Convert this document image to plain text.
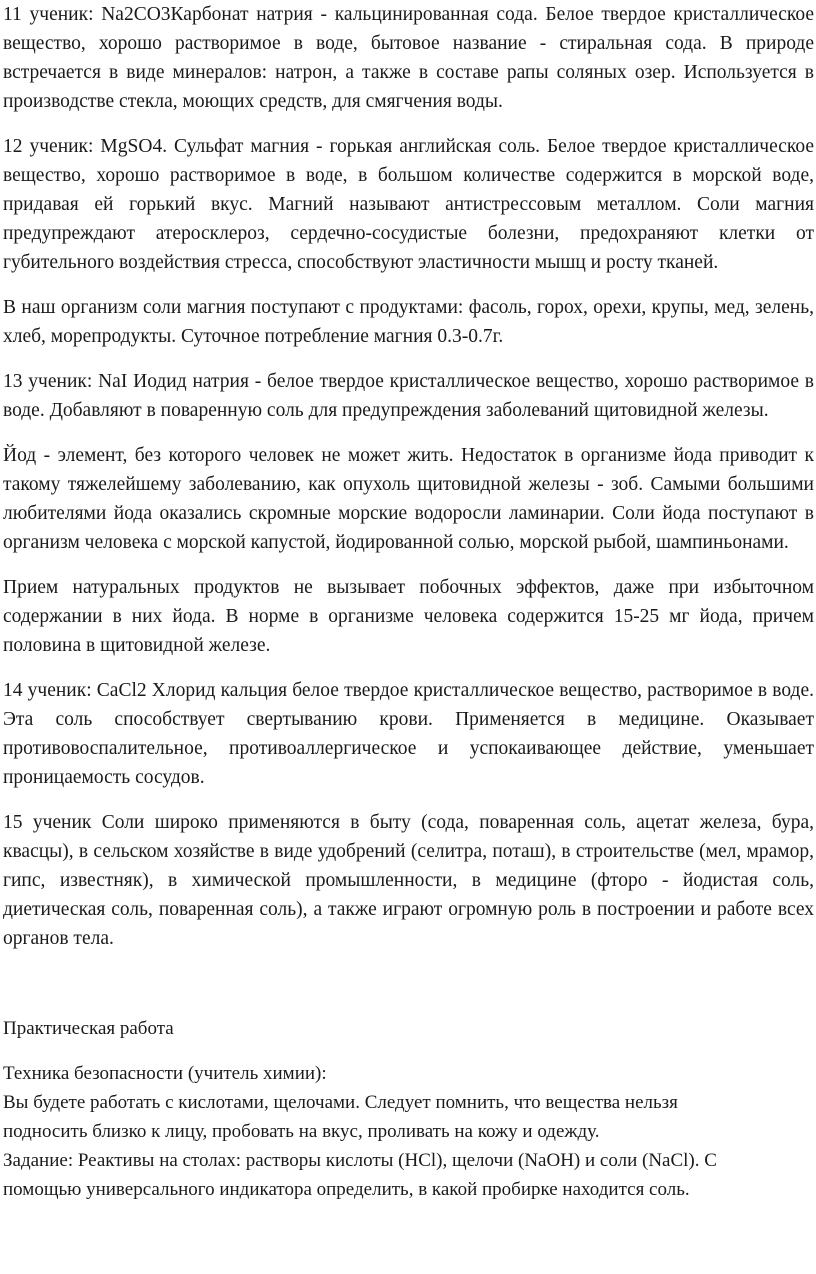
11 ученик: Na2CO3Карбонат натрия - кальцинированная сода. Белое твердое кристаллическое вещество, хорошо растворимое в воде, бытовое название - стиральная сода. В природе встречается в виде минералов: натрон, а также в составе рапы соляных озер. Используется в производстве стекла, моющих средств, для смягчения воды.

12 ученик: MgSO4. Сульфат магния - горькая английская соль. Белое твердое кристаллическое вещество, хорошо растворимое в воде, в большом количестве содержится в морской воде, придавая ей горький вкус. Магний называют антистрессовым металлом. Соли магния предупреждают атеросклероз, сердечно-сосудистые болезни, предохраняют клетки от губительного воздействия стресса, способствуют эластичности мышц и росту тканей.

В наш организм соли магния поступают с продуктами: фасоль, горох, орехи, крупы, мед, зелень, хлеб, морепродукты. Суточное потребление магния 0.3-0.7г.

13 ученик: NaI Иодид натрия - белое твердое кристаллическое вещество, хорошо растворимое в воде. Добавляют в поваренную соль для предупреждения заболеваний щитовидной железы.

Йод - элемент, без которого человек не может жить. Недостаток в организме йода приводит к такому тяжелейшему заболеванию, как опухоль щитовидной железы - зоб. Самыми большими любителями йода оказались скромные морские водоросли ламинарии. Соли йода поступают в организм человека с морской капустой, йодированной солью, морской рыбой, шампиньонами.

Прием натуральных продуктов не вызывает побочных эффектов, даже при избыточном содержании в них йода. В норме в организме человека содержится 15-25 мг йода, причем половина в щитовидной железе.

14 ученик: CaCl2 Хлорид кальция белое твердое кристаллическое вещество, растворимое в воде. Эта соль способствует свертыванию крови. Применяется в медицине. Оказывает противовоспалительное, противоаллергическое и успокаивающее действие, уменьшает проницаемость сосудов.

15 ученик Соли широко применяются в быту (сода, поваренная соль, ацетат железа, бура, квасцы), в сельском хозяйстве в виде удобрений (селитра, поташ), в строительстве (мел, мрамор, гипс, известняк), в химической промышленности, в медицине (фторо - йодистая соль, диетическая соль, поваренная соль), а также играют огромную роль в построении и работе всех органов тела.

Практическая работа

Техника безопасности (учитель химии):

Вы будете работать с кислотами, щелочами. Следует помнить, что вещества нельзя

подносить близко к лицу, пробовать на вкус, проливать на кожу и одежду.

Задание: Реактивы на столах: растворы кислоты (HCl), щелочи (NaOH) и соли (NaCl). С

помощью универсального индикатора определить, в какой пробирке находится соль.
